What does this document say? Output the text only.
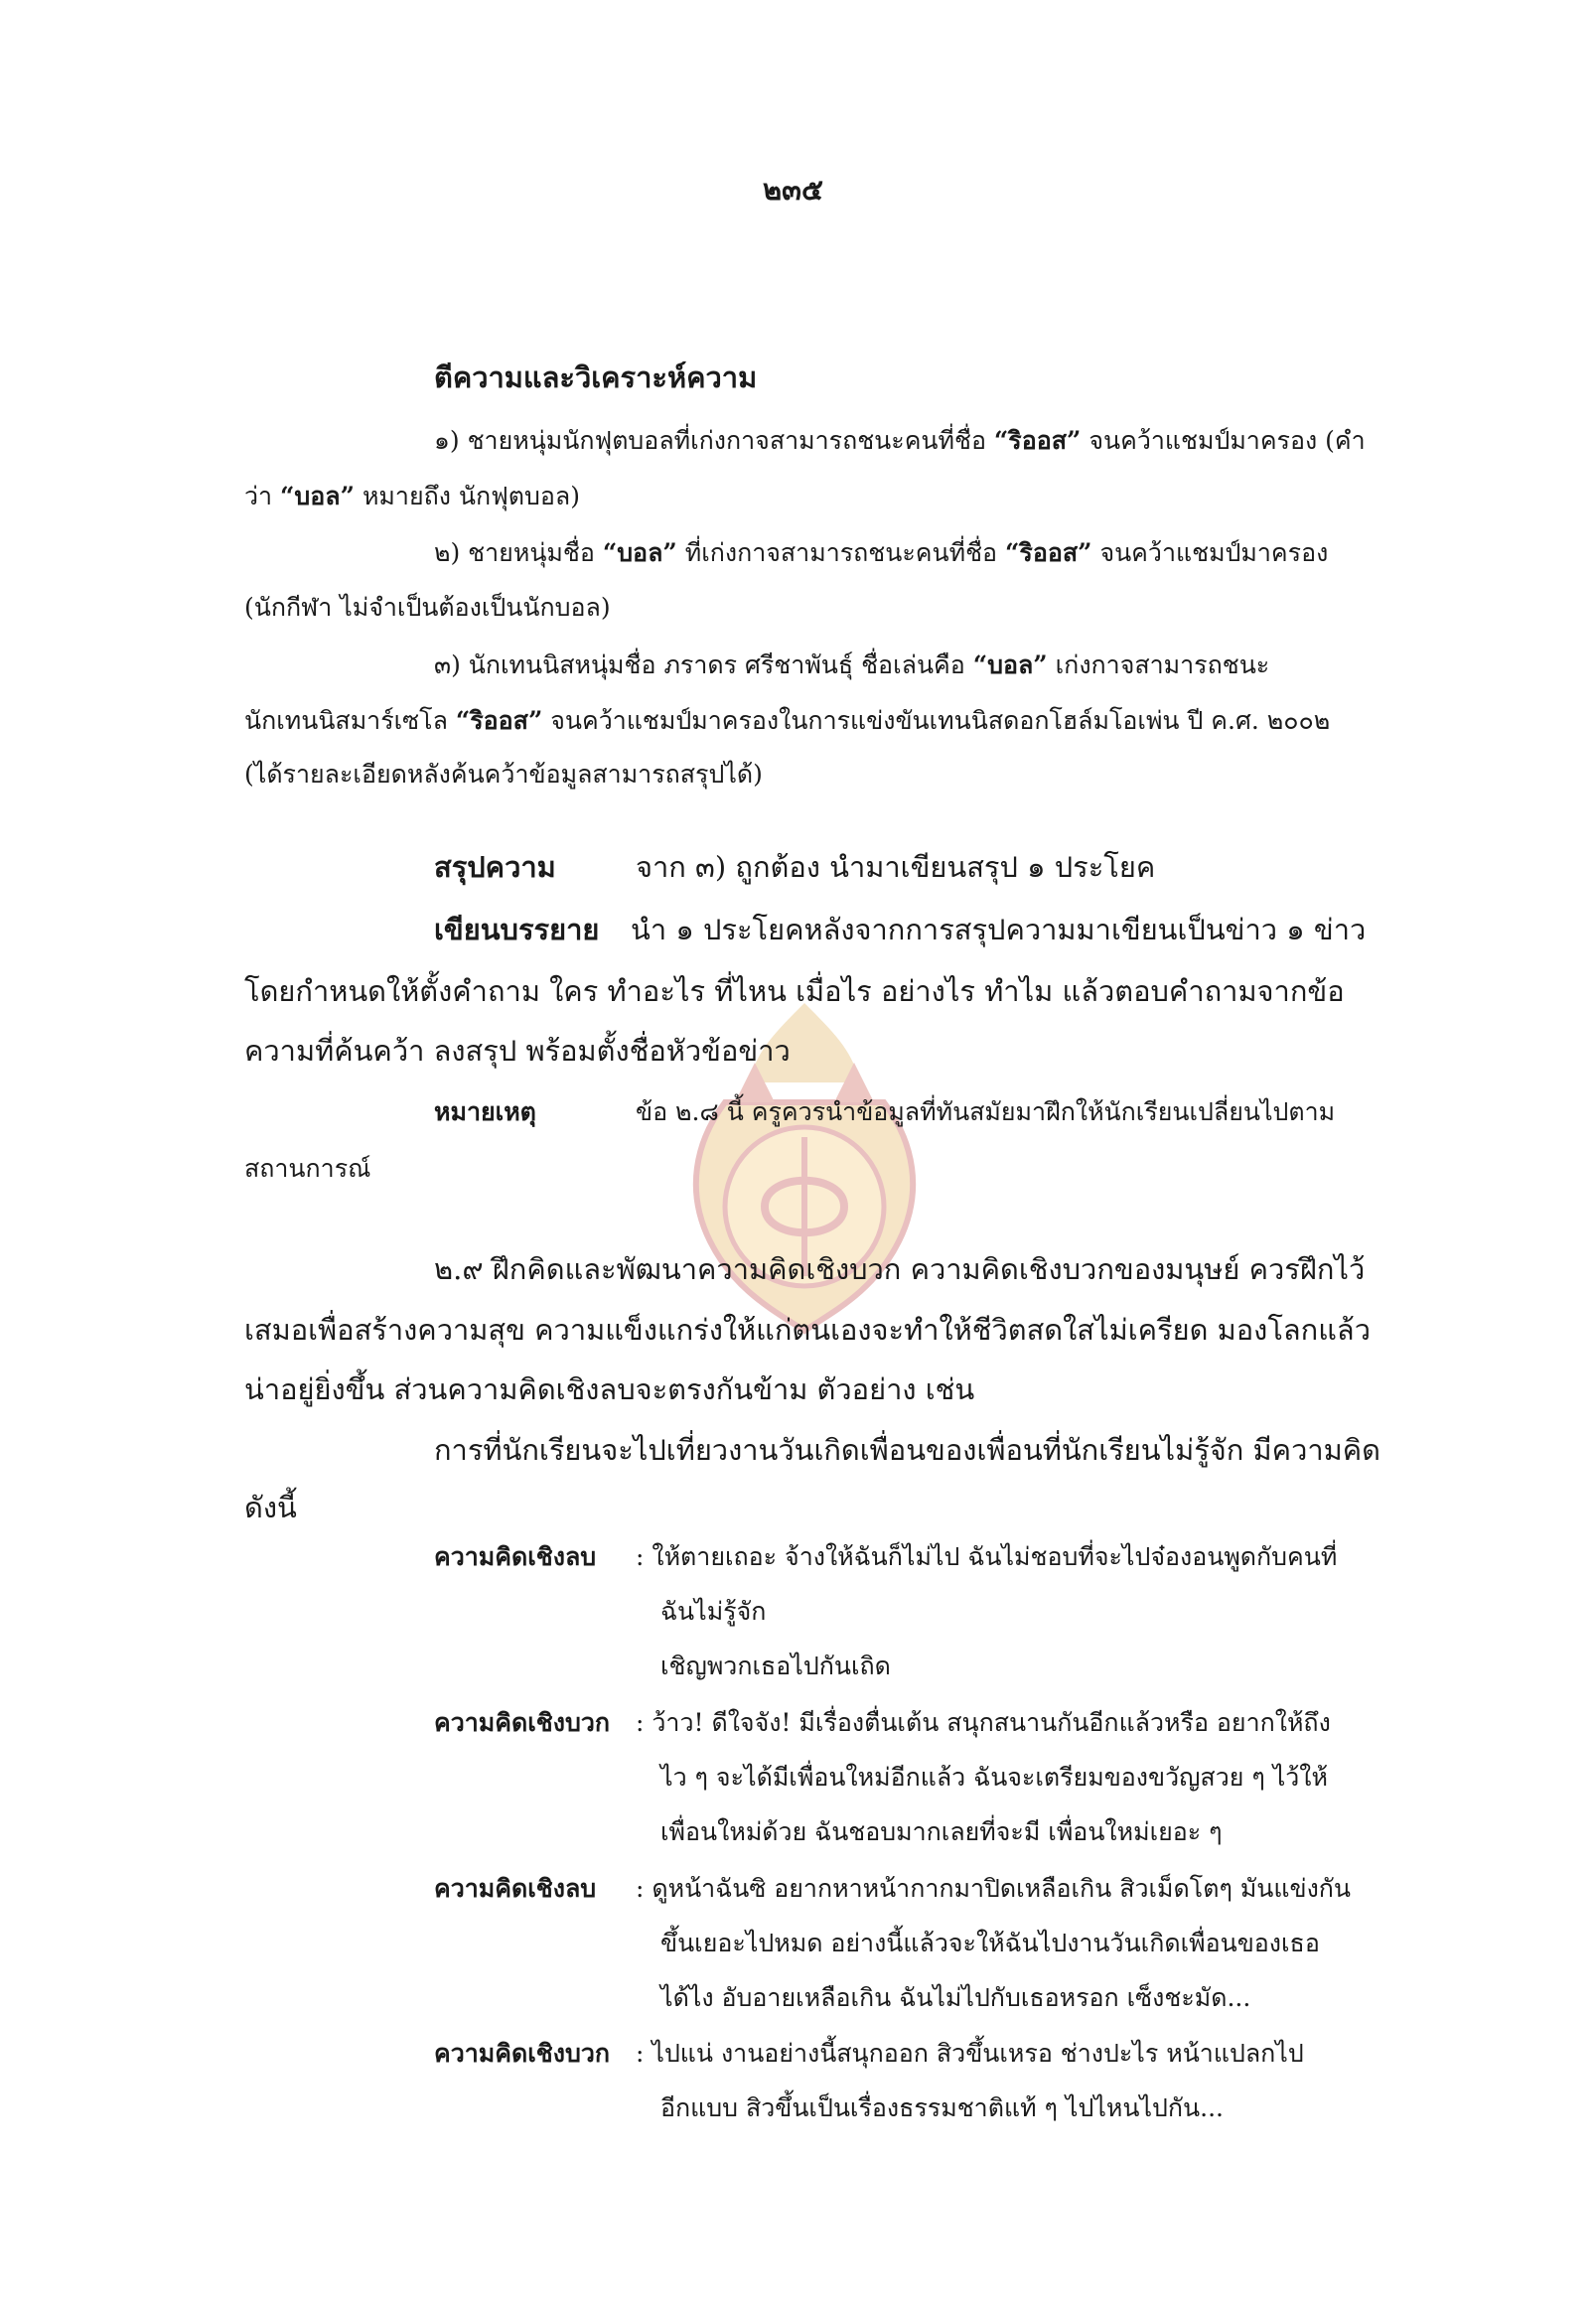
๒๓๕
ตีความและวิเคราะห์ความ
๑) ชายหนุ่มนักฟุตบอลที่เก่งกาจสามารถชนะคนที่ชื่อ “ริออส” จนคว้าแชมป์มาครอง (คำ
ว่า “บอล” หมายถึง นักฟุตบอล)
๒) ชายหนุ่มชื่อ “บอล” ที่เก่งกาจสามารถชนะคนที่ชื่อ “ริออส” จนคว้าแชมป์มาครอง
(นักกีฬา ไม่จำเป็นต้องเป็นนักบอล)
๓) นักเทนนิสหนุ่มชื่อ ภราดร ศรีชาพันธุ์ ชื่อเล่นคือ “บอล” เก่งกาจสามารถชนะ
นักเทนนิสมาร์เซโล “ริออส” จนคว้าแชมป์มาครองในการแข่งขันเทนนิสดอกโฮล์มโอเพ่น ปี ค.ศ. ๒๐๐๒
(ได้รายละเอียดหลังค้นคว้าข้อมูลสามารถสรุปได้)
สรุปความ	จาก ๓) ถูกต้อง นำมาเขียนสรุป ๑ ประโยค
เขียนบรรยาย นำ ๑ ประโยคหลังจากการสรุปความมาเขียนเป็นข่าว ๑ ข่าว
โดยกำหนดให้ตั้งคำถาม ใคร ทำอะไร ที่ไหน เมื่อไร อย่างไร ทำไม แล้วตอบคำถามจากข้อ
ความที่ค้นคว้า ลงสรุป พร้อมตั้งชื่อหัวข้อข่าว
หมายเหตุ	ข้อ ๒.๘ นี้ ครูควรนำข้อมูลที่ทันสมัยมาฝึกให้นักเรียนเปลี่ยนไปตาม
สถานการณ์
๒.๙ ฝึกคิดและพัฒนาความคิดเชิงบวก ความคิดเชิงบวกของมนุษย์ ควรฝึกไว้
เสมอเพื่อสร้างความสุข ความแข็งแกร่งให้แก่ตนเองจะทำให้ชีวิตสดใสไม่เครียด มองโลกแล้ว
น่าอยู่ยิ่งขึ้น ส่วนความคิดเชิงลบจะตรงกันข้าม ตัวอย่าง เช่น
การที่นักเรียนจะไปเที่ยวงานวันเกิดเพื่อนของเพื่อนที่นักเรียนไม่รู้จัก มีความคิด
ดังนี้
ความคิดเชิงลบ : ให้ตายเถอะ จ้างให้ฉันก็ไม่ไป ฉันไม่ชอบที่จะไปจ๋องอนพูดกับคนที่
ฉันไม่รู้จัก
เชิญพวกเธอไปกันเถิด
ความคิดเชิงบวก : ว้าว! ดีใจจัง! มีเรื่องตื่นเต้น สนุกสนานกันอีกแล้วหรือ อยากให้ถึง
ไว ๆ จะได้มีเพื่อนใหม่อีกแล้ว ฉันจะเตรียมของขวัญสวย ๆ ไว้ให้
เพื่อนใหม่ด้วย ฉันชอบมากเลยที่จะมี เพื่อนใหม่เยอะ ๆ
ความคิดเชิงลบ : ดูหน้าฉันซิ อยากหาหน้ากากมาปิดเหลือเกิน สิวเม็ดโตๆ มันแข่งกัน
ขึ้นเยอะไปหมด อย่างนี้แล้วจะให้ฉันไปงานวันเกิดเพื่อนของเธอ
ได้ไง อับอายเหลือเกิน ฉันไม่ไปกับเธอหรอก เซ็งชะมัด...
ความคิดเชิงบวก : ไปแน่ งานอย่างนี้สนุกออก สิวขึ้นเหรอ ช่างปะไร หน้าแปลกไป
อีกแบบ สิวขึ้นเป็นเรื่องธรรมชาติแท้ ๆ ไปไหนไปกัน...
